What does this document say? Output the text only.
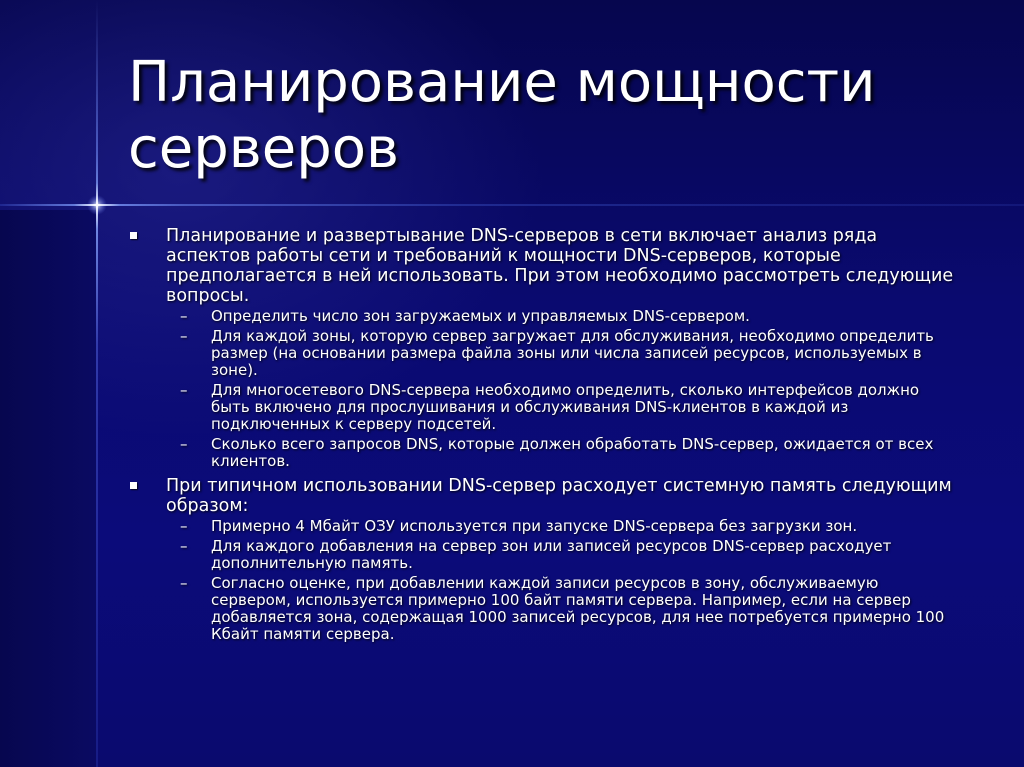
Планирование мощности серверов
Планирование и развертывание DNS-серверов в сети включает анализ ряда аспектов работы сети и требований к мощности DNS-серверов, которые предполагается в ней использовать. При этом необходимо рассмотреть следующие вопросы.
– Определить число зон загружаемых и управляемых DNS-сервером.
– Для каждой зоны, которую сервер загружает для обслуживания, необходимо определить размер (на основании размера файла зоны или числа записей ресурсов, используемых в зоне).
– Для многосетевого DNS-сервера необходимо определить, сколько интерфейсов должно быть включено для прослушивания и обслуживания DNS-клиентов в каждой из подключенных к серверу подсетей.
– Сколько всего запросов DNS, которые должен обработать DNS-сервер, ожидается от всех клиентов.
При типичном использовании DNS-сервер расходует системную память следующим образом:
– Примерно 4 Мбайт ОЗУ используется при запуске DNS-сервера без загрузки зон.
– Для каждого добавления на сервер зон или записей ресурсов DNS-сервер расходует дополнительную память.
– Согласно оценке, при добавлении каждой записи ресурсов в зону, обслуживаемую сервером, используется примерно 100 байт памяти сервера. Например, если на сервер добавляется зона, содержащая 1000 записей ресурсов, для нее потребуется примерно 100 Кбайт памяти сервера.
